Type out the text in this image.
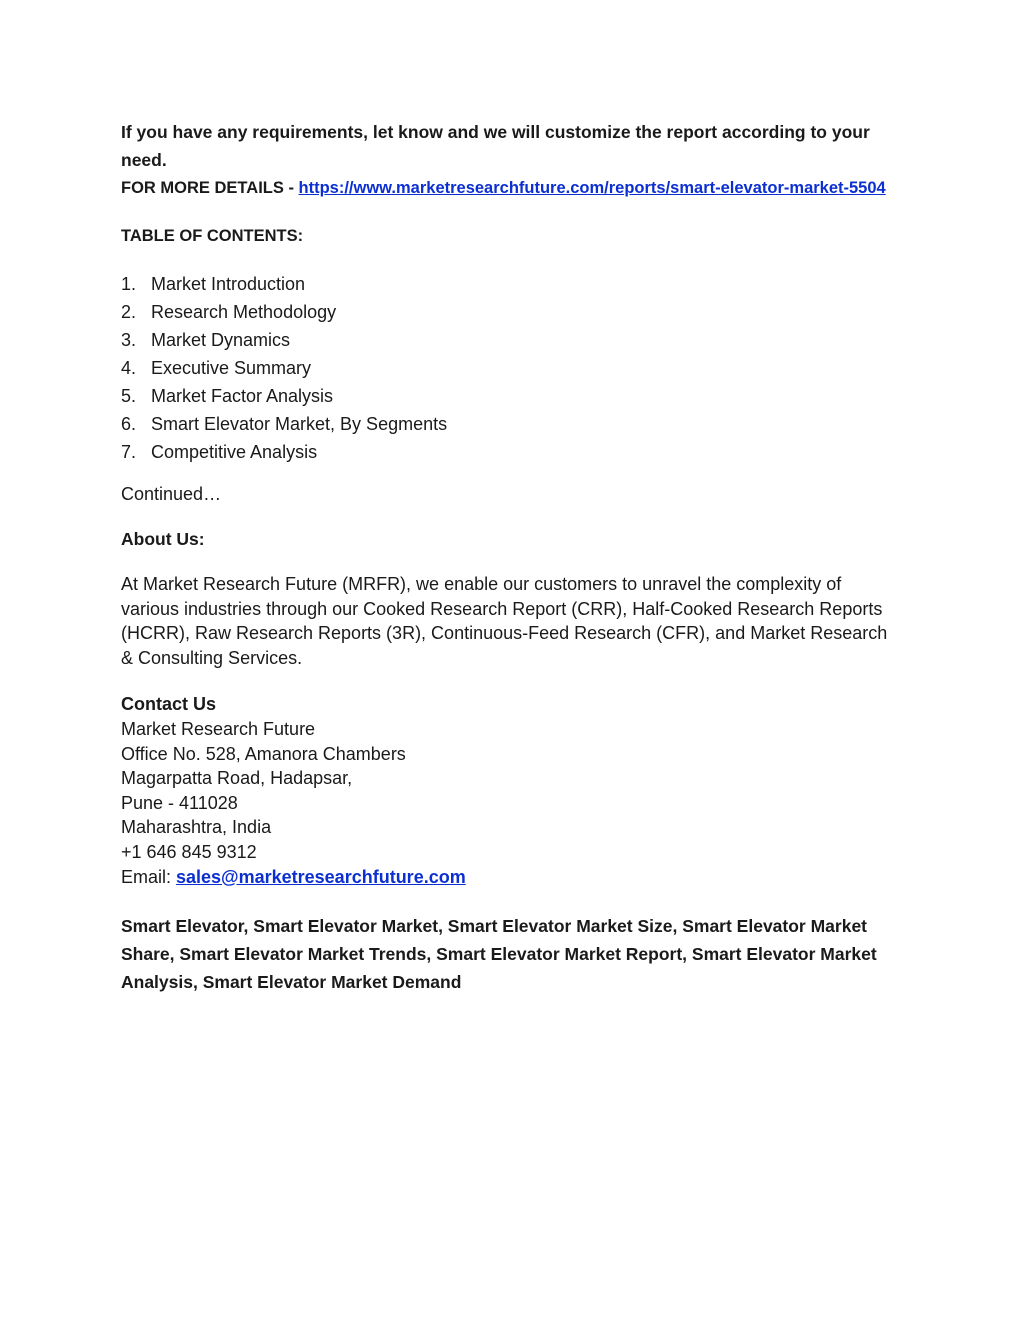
If you have any requirements, let know and we will customize the report according to your need.

FOR MORE DETAILS - https://www.marketresearchfuture.com/reports/smart-elevator-market-5504

TABLE OF CONTENTS:

1. Market Introduction
2. Research Methodology
3. Market Dynamics
4. Executive Summary
5. Market Factor Analysis
6. Smart Elevator Market, By Segments
7. Competitive Analysis

Continued…

About Us:

At Market Research Future (MRFR), we enable our customers to unravel the complexity of various industries through our Cooked Research Report (CRR), Half-Cooked Research Reports (HCRR), Raw Research Reports (3R), Continuous-Feed Research (CFR), and Market Research & Consulting Services.

Contact Us
Market Research Future
Office No. 528, Amanora Chambers
Magarpatta Road, Hadapsar,
Pune - 411028
Maharashtra, India
+1 646 845 9312
Email: sales@marketresearchfuture.com

Smart Elevator, Smart Elevator Market, Smart Elevator Market Size, Smart Elevator Market Share, Smart Elevator Market Trends, Smart Elevator Market Report, Smart Elevator Market Analysis, Smart Elevator Market Demand
